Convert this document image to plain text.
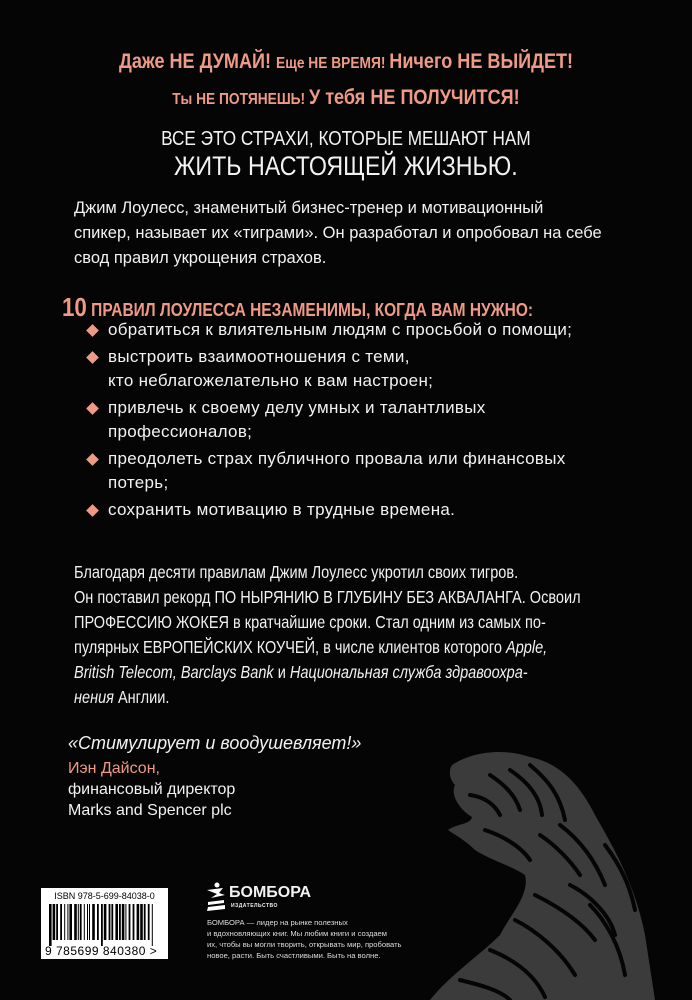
Даже НЕ ДУМАЙ! Еще НЕ ВРЕМЯ! Ничего НЕ ВЫЙДЕТ!
Ты НЕ ПОТЯНЕШЬ! У тебя НЕ ПОЛУЧИТСЯ!
ВСЕ ЭТО СТРАХИ, КОТОРЫЕ МЕШАЮТ НАМ
ЖИТЬ НАСТОЯЩЕЙ ЖИЗНЬЮ.
Джим Лоулесс, знаменитый бизнес-тренер и мотивационный
спикер, называет их «тиграми». Он разработал и опробовал на себе
свод правил укрощения страхов.
10 ПРАВИЛ ЛОУЛЕССА НЕЗАМЕНИМЫ, КОГДА ВАМ НУЖНО:
обратиться к влиятельным людям с просьбой о помощи;
выстроить взаимоотношения с теми,
кто неблагожелательно к вам настроен;
привлечь к своему делу умных и талантливых
профессионалов;
преодолеть страх публичного провала или финансовых
потерь;
сохранить мотивацию в трудные времена.
Благодаря десяти правилам Джим Лоулесс укротил своих тигров.
Он поставил рекорд ПО НЫРЯНИЮ В ГЛУБИНУ БЕЗ АКВАЛАНГА. Освоил
ПРОФЕССИЮ ЖОКЕЯ в кратчайшие сроки. Стал одним из самых по-
пулярных ЕВРОПЕЙСКИХ КОУЧЕЙ, в числе клиентов которого Apple,
British Telecom, Barclays Bank и Национальная служба здравоохра-
нения Англии.
«Стимулирует и воодушевляет!»
Иэн Дайсон,
финансовый директор
Marks and Spencer plc
ISBN 978-5-699-84038-0
9 785699 840380 >
БОМБОРА
ИЗДАТЕЛЬСТВО
БОМБОРА — лидер на рынке полезных
и вдохновляющих книг. Мы любим книги и создаем
их, чтобы вы могли творить, открывать мир, пробовать
новое, расти. Быть счастливыми. Быть на волне.
